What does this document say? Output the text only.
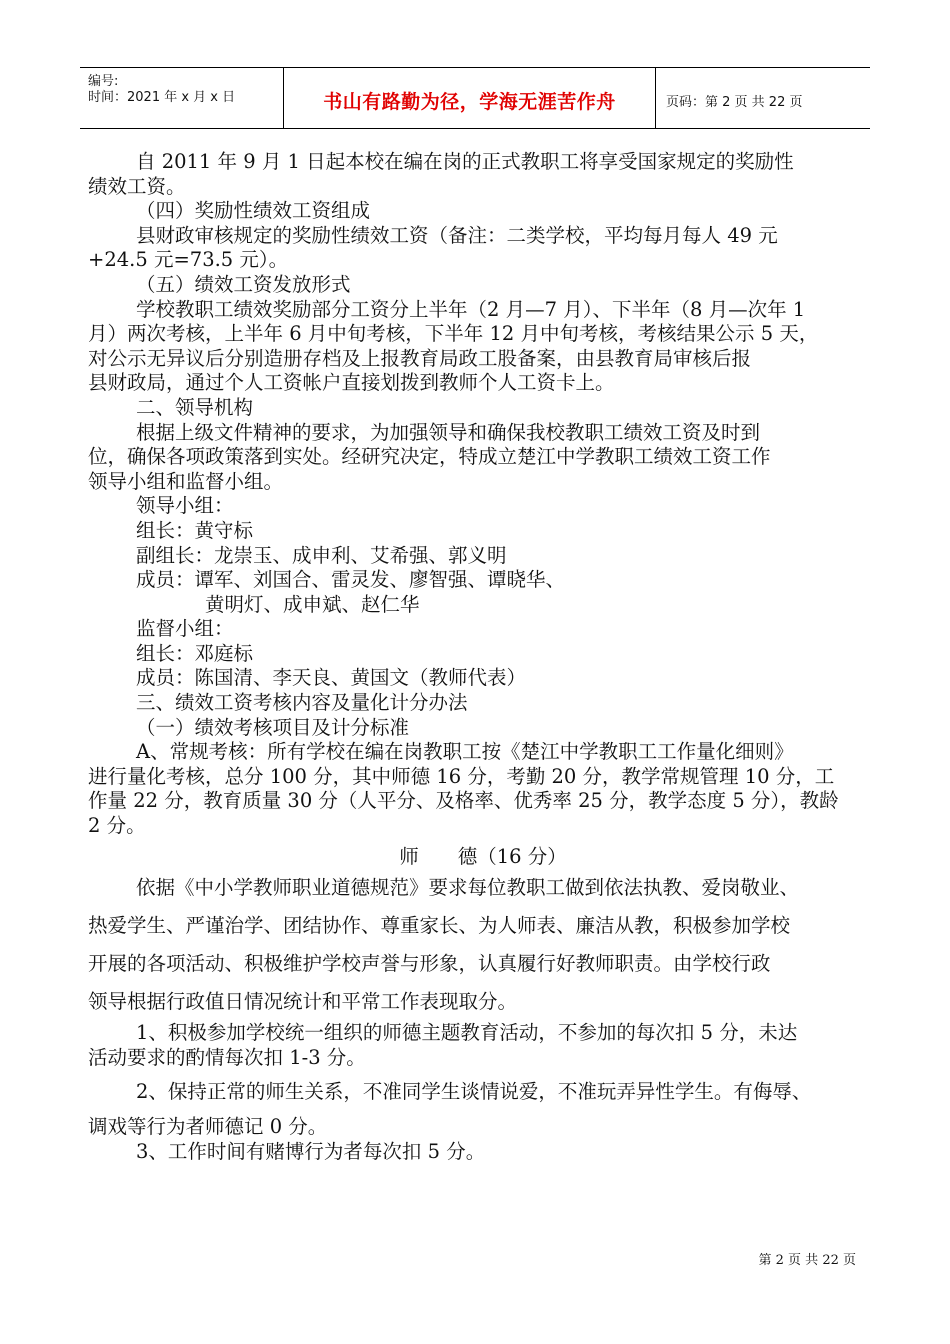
编号:
时间：2021 年 x 月 x 日	书山有路勤为径，学海无涯苦作舟	页码：第 2 页 共 22 页
自 2011 年 9 月 1 日起本校在编在岗的正式教职工将享受国家规定的奖励性
绩效工资。
（四）奖励性绩效工资组成
县财政审核规定的奖励性绩效工资（备注：二类学校，平均每月每人 49 元
+24.5 元=73.5 元）。
（五）绩效工资发放形式
学校教职工绩效奖励部分工资分上半年（2 月—7 月）、下半年（8 月—次年 1
月）两次考核，上半年 6 月中旬考核，下半年 12 月中旬考核，考核结果公示 5 天，
对公示无异议后分别造册存档及上报教育局政工股备案，由县教育局审核后报
县财政局，通过个人工资帐户直接划拨到教师个人工资卡上。
二、领导机构
根据上级文件精神的要求，为加强领导和确保我校教职工绩效工资及时到
位，确保各项政策落到实处。经研究决定，特成立楚江中学教职工绩效工资工作
领导小组和监督小组。
领导小组：
组长：黄守标
副组长：龙崇玉、成申利、艾希强、郭义明
成员：谭军、刘国合、雷灵发、廖智强、谭晓华、
黄明灯、成申斌、赵仁华
监督小组：
组长：邓庭标
成员：陈国清、李天良、黄国文（教师代表）
三、绩效工资考核内容及量化计分办法
（一）绩效考核项目及计分标准
A、常规考核：所有学校在编在岗教职工按《楚江中学教职工工作量化细则》
进行量化考核，总分 100 分，其中师德 16 分，考勤 20 分，教学常规管理 10 分，工
作量 22 分，教育质量 30 分（人平分、及格率、优秀率 25 分，教学态度 5 分），教龄
2 分。
师　　德（16 分）
依据《中小学教师职业道德规范》要求每位教职工做到依法执教、爱岗敬业、
热爱学生、严谨治学、团结协作、尊重家长、为人师表、廉洁从教，积极参加学校
开展的各项活动、积极维护学校声誉与形象，认真履行好教师职责。由学校行政
领导根据行政值日情况统计和平常工作表现取分。
1、积极参加学校统一组织的师德主题教育活动，不参加的每次扣 5 分，未达
活动要求的酌情每次扣 1-3 分。
2、保持正常的师生关系，不准同学生谈情说爱，不准玩弄异性学生。有侮辱、
调戏等行为者师德记 0 分。
3、工作时间有赌博行为者每次扣 5 分。
第 2 页 共 22 页
